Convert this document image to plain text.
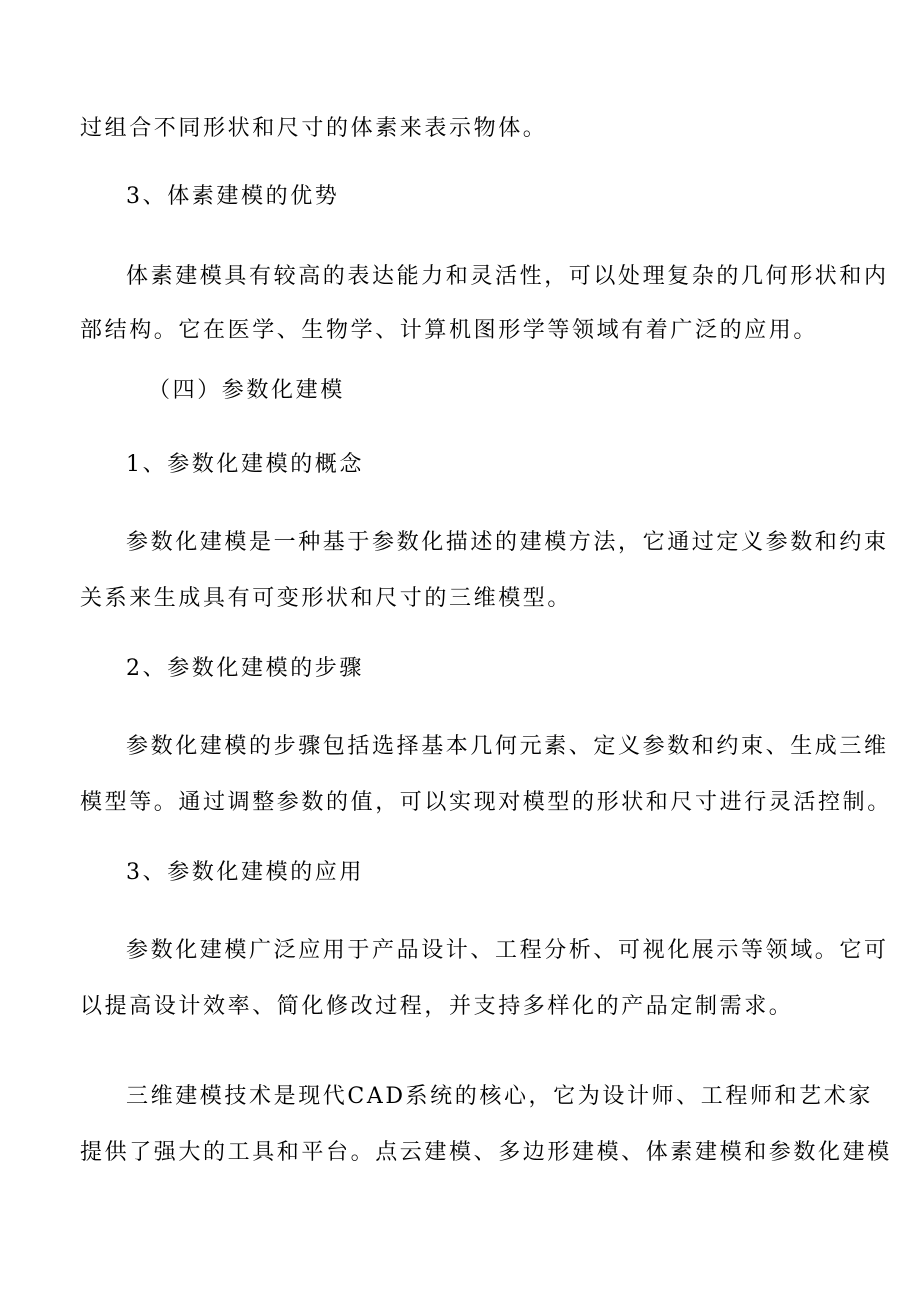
过组合不同形状和尺寸的体素来表示物体。
3、体素建模的优势
体素建模具有较高的表达能力和灵活性，可以处理复杂的几何形状和内
部结构。它在医学、生物学、计算机图形学等领域有着广泛的应用。
（四）参数化建模
1、参数化建模的概念
参数化建模是一种基于参数化描述的建模方法，它通过定义参数和约束
关系来生成具有可变形状和尺寸的三维模型。
2、参数化建模的步骤
参数化建模的步骤包括选择基本几何元素、定义参数和约束、生成三维
模型等。通过调整参数的值，可以实现对模型的形状和尺寸进行灵活控制。
3、参数化建模的应用
参数化建模广泛应用于产品设计、工程分析、可视化展示等领域。它可
以提高设计效率、简化修改过程，并支持多样化的产品定制需求。
三维建模技术是现代CAD系统的核心，它为设计师、工程师和艺术家
提供了强大的工具和平台。点云建模、多边形建模、体素建模和参数化建模
